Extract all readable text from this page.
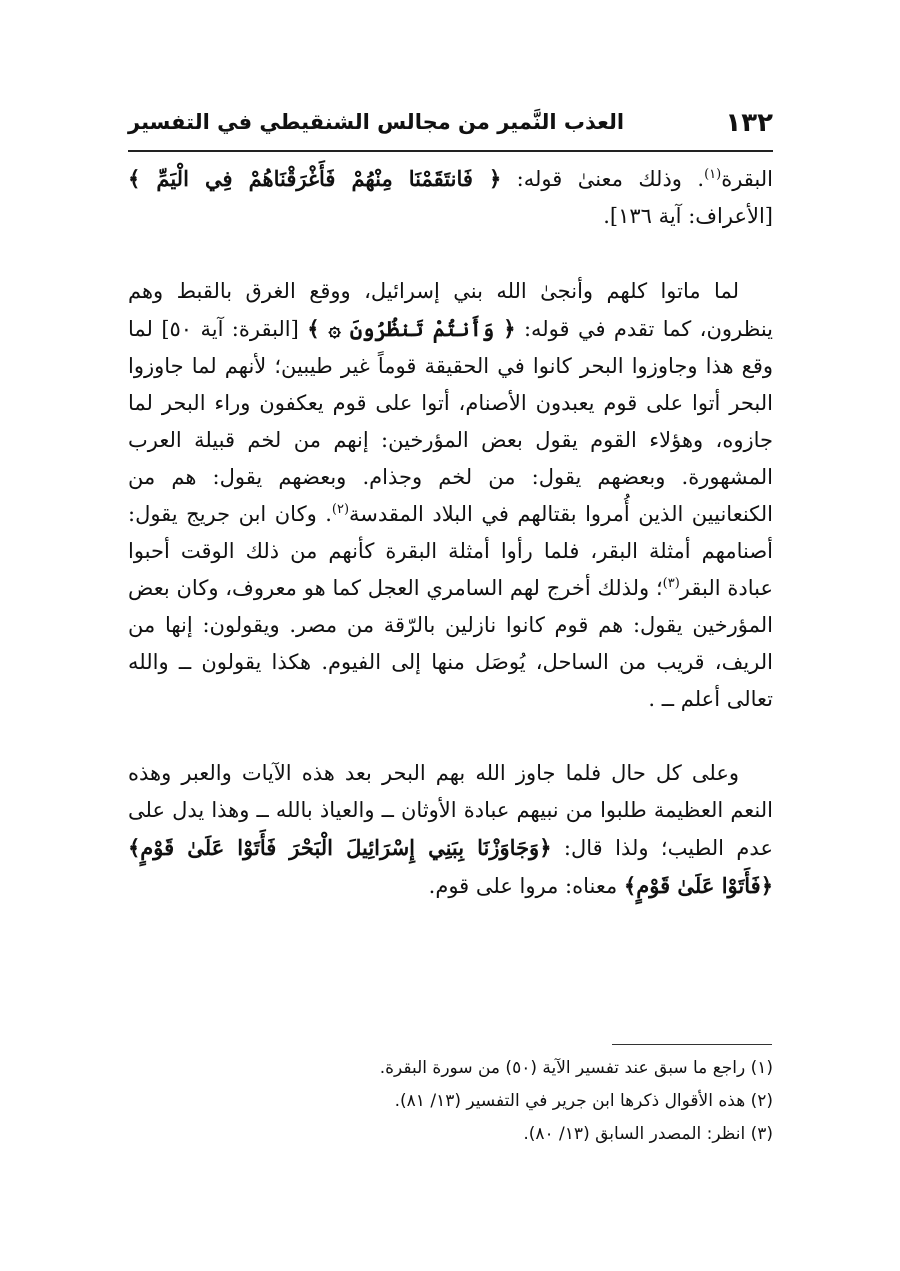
١٣٢
العذب النَّمير من مجالس الشنقيطي في التفسير

البقرة$^{(١)}$. وذلك معنىٰ قوله: ﴿ فَانتَقَمْنَا مِنْهُمْ فَأَغْرَقْنَاهُمْ فِي الْيَمِّ ﴾ [الأعراف: آية ١٣٦].

لما ماتوا كلهم وأنجىٰ الله بني إسرائيل، ووقع الغرق بالقبط وهم ينظرون، كما تقدم في قوله: ﴿ وَأَنتُمْ تَنظُرُونَ ۞ ﴾ [البقرة: آية ٥٠] لما وقع هذا وجاوزوا البحر كانوا في الحقيقة قوماً غير طيبين؛ لأنهم لما جاوزوا البحر أتوا على قوم يعبدون الأصنام، أتوا على قوم يعكفون وراء البحر لما جازوه، وهؤلاء القوم يقول بعض المؤرخين: إنهم من لخم قبيلة العرب المشهورة. وبعضهم يقول: من لخم وجذام. وبعضهم يقول: هم من الكنعانيين الذين أُمروا بقتالهم في البلاد المقدسة$^{(٢)}$. وكان ابن جريج يقول: أصنامهم أمثلة البقر، فلما رأوا أمثلة البقرة كأنهم من ذلك الوقت أحبوا عبادة البقر$^{(٣)}$؛ ولذلك أخرج لهم السامري العجل كما هو معروف، وكان بعض المؤرخين يقول: هم قوم كانوا نازلين بالرّقة من مصر. ويقولون: إنها من الريف، قريب من الساحل، يُوصَل منها إلى الفيوم. هكذا يقولون ــ والله تعالى أعلم ــ .

وعلى كل حال فلما جاوز الله بهم البحر بعد هذه الآيات والعبر وهذه النعم العظيمة طلبوا من نبيهم عبادة الأوثان ــ والعياذ بالله ــ وهذا يدل على عدم الطيب؛ ولذا قال: ﴿وَجَاوَزْنَا بِبَنِي إِسْرَائِيلَ الْبَحْرَ فَأَتَوْا عَلَىٰ قَوْمٍ﴾ ﴿فَأَتَوْا عَلَىٰ قَوْمٍ﴾ معناه: مروا على قوم.

(١) راجع ما سبق عند تفسير الآية (٥٠) من سورة البقرة.

(٢) هذه الأقوال ذكرها ابن جرير في التفسير (١٣/ ٨١).

(٣) انظر: المصدر السابق (١٣/ ٨٠).
